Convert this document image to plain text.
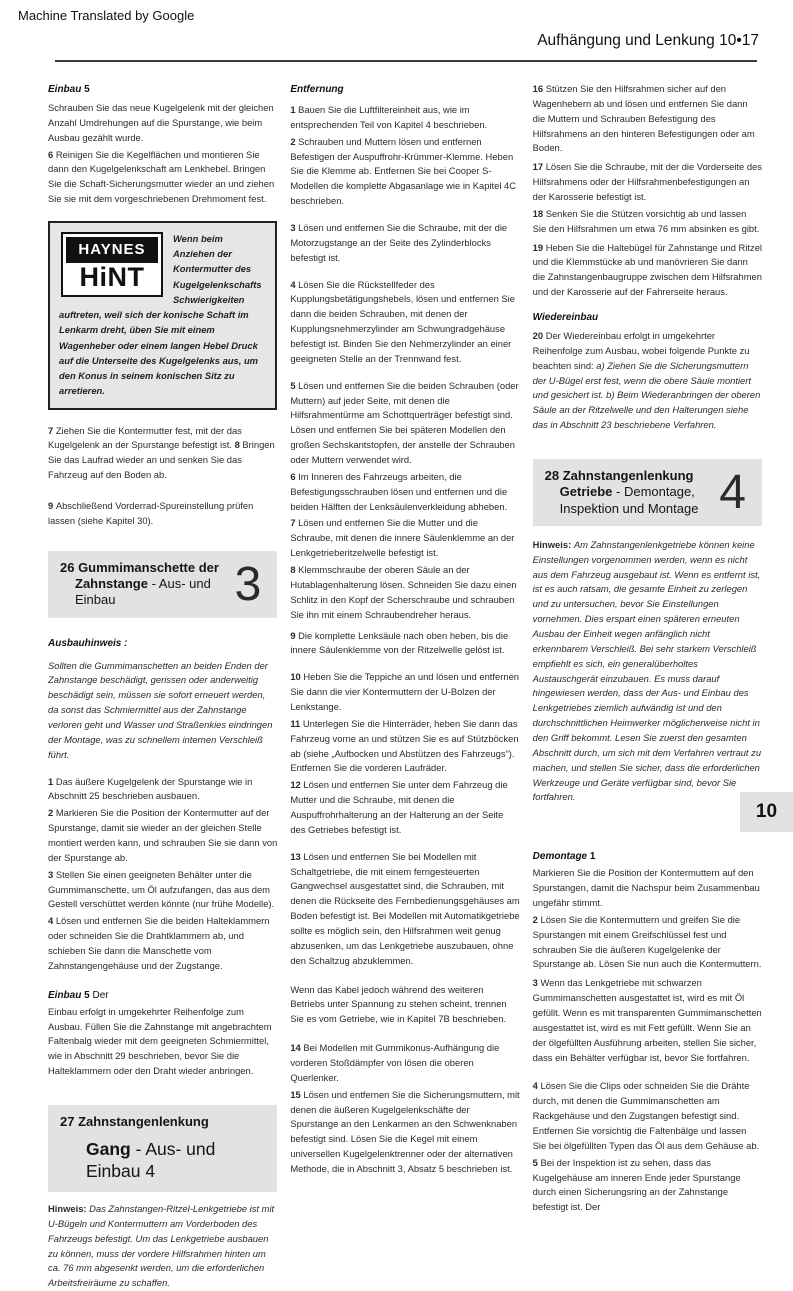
Machine Translated by Google
Aufhängung und Lenkung 10•17
Einbau 5
Schrauben Sie das neue Kugelgelenk mit der gleichen Anzahl Umdrehungen auf die Spurstange, wie beim Ausbau gezählt wurde.
6 Reinigen Sie die Kegelflächen und montieren Sie dann den Kugelgelenkschaft am Lenkhebel. Bringen Sie die Schaft-Sicherungsmutter wieder an und ziehen Sie sie mit dem vorgeschriebenen Drehmoment fest.
HAYNES
HiNT
Wenn beim Anziehen der Kontermutter des Kugelgelenkschafts Schwierigkeiten auftreten, weil sich der konische Schaft im Lenkarm dreht, üben Sie mit einem Wagenheber oder einem langen Hebel Druck auf die Unterseite des Kugelgelenks aus, um den Konus in seinem konischen Sitz zu arretieren.
7 Ziehen Sie die Kontermutter fest, mit der das Kugelgelenk an der Spurstange befestigt ist. 8 Bringen Sie das Laufrad wieder an und senken Sie das Fahrzeug auf den Boden ab.
9 Abschließend Vorderrad-Spureinstellung prüfen lassen (siehe Kapitel 30).
26 Gummimanschette der
Zahnstange - Aus- und Einbau	3
Ausbauhinweis :
Sollten die Gummimanschetten an beiden Enden der Zahnstange beschädigt, gerissen oder anderweitig beschädigt sein, müssen sie sofort erneuert werden, da sonst das Schmiermittel aus der Zahnstange verloren geht und Wasser und Straßenkies eindringen der Montage, was zu schnellem internen Verschleiß führt.
1 Das äußere Kugelgelenk der Spurstange wie in Abschnitt 25 beschrieben ausbauen.
2 Markieren Sie die Position der Kontermutter auf der Spurstange, damit sie wieder an der gleichen Stelle montiert werden kann, und schrauben Sie sie dann von der Spurstange ab.
3 Stellen Sie einen geeigneten Behälter unter die Gummimanschette, um Öl aufzufangen, das aus dem Gestell verschüttet werden könnte (nur frühe Modelle).
4 Lösen und entfernen Sie die beiden Halteklammern oder schneiden Sie die Drahtklammern ab, und schieben Sie dann die Manschette vom Zahnstangengehäuse und der Zugstange.
Einbau 5 Der
Einbau erfolgt in umgekehrter Reihenfolge zum Ausbau. Füllen Sie die Zahnstange mit angebrachtem Faltenbalg wieder mit dem geeigneten Schmiermittel, wie in Abschnitt 29 beschrieben, bevor Sie die Halteklammern oder den Draht wieder anbringen.
27 Zahnstangenlenkung
Gang - Aus- und Einbau 4
Hinweis: Das Zahnstangen-Ritzel-Lenkgetriebe ist mit U-Bügeln und Kontermuttern am Vorderboden des Fahrzeugs befestigt. Um das Lenkgetriebe ausbauen zu können, muss der vordere Hilfsrahmen hinten um ca. 76 mm abgesenkt werden, um die erforderlichen Arbeitsfreiräume zu schaffen.
Entfernung
1 Bauen Sie die Luftfiltereinheit aus, wie im entsprechenden Teil von Kapitel 4 beschrieben.
2 Schrauben und Muttern lösen und entfernen Befestigen der Auspuffrohr-Krümmer-Klemme. Heben Sie die Klemme ab. Entfernen Sie bei Cooper S-Modellen die komplette Abgasanlage wie in Kapitel 4C beschrieben.
3 Lösen und entfernen Sie die Schraube, mit der die Motorzugstange an der Seite des Zylinderblocks befestigt ist.
4 Lösen Sie die Rückstellfeder des Kupplungsbetätigungshebels, lösen und entfernen Sie dann die beiden Schrauben, mit denen der Kupplungsnehmerzylinder am Schwungradgehäuse befestigt ist. Binden Sie den Nehmerzylinder an einer geeigneten Stelle an der Trennwand fest.
5 Lösen und entfernen Sie die beiden Schrauben (oder Muttern) auf jeder Seite, mit denen die Hilfsrahmentürme am Schottquerträger befestigt sind. Lösen und entfernen Sie bei späteren Modellen den großen Sechskantstopfen, der anstelle der Schrauben oder Muttern verwendet wird.
6 Im Inneren des Fahrzeugs arbeiten, die Befestigungsschrauben lösen und entfernen und die beiden Hälften der Lenksäulenverkleidung abheben.
7 Lösen und entfernen Sie die Mutter und die Schraube, mit denen die innere Säulenklemme an der Lenkgetrieberitzelwelle befestigt ist.
8 Klemmschraube der oberen Säule an der Hutablagenhalterung lösen. Schneiden Sie dazu einen Schlitz in den Kopf der Scherschraube und schrauben Sie ihn mit einem Schraubendreher heraus.
9 Die komplette Lenksäule nach oben heben, bis die innere Säulenklemme von der Ritzelwelle gelöst ist.
10 Heben Sie die Teppiche an und lösen und entfernen Sie dann die vier Kontermuttern der U-Bolzen der Lenkstange.
11 Unterlegen Sie die Hinterräder, heben Sie dann das Fahrzeug vorne an und stützen Sie es auf Stützböcken ab (siehe „Aufbocken und Abstützen des Fahrzeugs“). Entfernen Sie die vorderen Laufräder.
12 Lösen und entfernen Sie unter dem Fahrzeug die Mutter und die Schraube, mit denen die Auspuffrohrhalterung an der Halterung an der Seite des Getriebes befestigt ist.
13 Lösen und entfernen Sie bei Modellen mit Schaltgetriebe, die mit einem ferngesteuerten Gangwechsel ausgestattet sind, die Schrauben, mit denen die Rückseite des Fernbedienungsgehäuses am Boden befestigt ist. Bei Modellen mit Automatikgetriebe sollte es möglich sein, den Hilfsrahmen weit genug abzusenken, um das Lenkgetriebe auszubauen, ohne den Schaltzug abzuklemmen.
Wenn das Kabel jedoch während des weiteren Betriebs unter Spannung zu stehen scheint, trennen Sie es vom Getriebe, wie in Kapitel 7B beschrieben.
14 Bei Modellen mit Gummikonus-Aufhängung die vorderen Stoßdämpfer von lösen die oberen Querlenker.
15 Lösen und entfernen Sie die Sicherungsmuttern, mit denen die äußeren Kugelgelenkschäfte der Spurstange an den Lenkarmen an den Schwenknaben befestigt sind. Lösen Sie die Kegel mit einem universellen Kugelgelenktrenner oder der alternativen Methode, die in Abschnitt 3, Absatz 5 beschrieben ist.
16 Stützen Sie den Hilfsrahmen sicher auf den Wagenhebern ab und lösen und entfernen Sie dann die Muttern und Schrauben Befestigung des Hilfsrahmens an den hinteren Befestigungen oder am Boden.
17 Lösen Sie die Schraube, mit der die Vorderseite des Hilfsrahmens oder der Hilfsrahmenbefestigungen an der Karosserie befestigt ist.
18 Senken Sie die Stützen vorsichtig ab und lassen Sie den Hilfsrahmen um etwa 76 mm absinken es gibt.
19 Heben Sie die Haltebügel für Zahnstange und Ritzel und die Klemmstücke ab und manövrieren Sie dann die Zahnstangenbaugruppe zwischen dem Hilfsrahmen und der Karosserie auf der Fahrerseite heraus.
Wiedereinbau
20 Der Wiedereinbau erfolgt in umgekehrter Reihenfolge zum Ausbau, wobei folgende Punkte zu beachten sind: a) Ziehen Sie die Sicherungsmuttern der U-Bügel erst fest, wenn die obere Säule montiert und gesichert ist. b) Beim Wiederanbringen der oberen Säule an der Ritzelwelle und den Halterungen siehe das in Abschnitt 23 beschriebene Verfahren.
28 Zahnstangenlenkung
Getriebe - Demontage,
Inspektion und Montage 4
Hinweis: Am Zahnstangenlenkgetriebe können keine Einstellungen vorgenommen werden, wenn es nicht aus dem Fahrzeug ausgebaut ist. Wenn es entfernt ist, ist es auch ratsam, die gesamte Einheit zu zerlegen und zu untersuchen, bevor Sie Einstellungen vornehmen. Dies erspart einen späteren erneuten Ausbau der Einheit wegen anfänglich nicht erkennbarem Verschleiß. Bei sehr starkem Verschleiß empfiehlt es sich, ein generalüberholtes Austauschgerät einzubauen. Es muss darauf hingewiesen werden, dass der Aus- und Einbau des Lenkgetriebes ziemlich aufwändig ist und den durchschnittlichen Heimwerker möglicherweise nicht in den Griff bekommt. Lesen Sie zuerst den gesamten Abschnitt durch, um sich mit dem Verfahren vertraut zu machen, und stellen Sie sicher, dass die erforderlichen Werkzeuge und Geräte verfügbar sind, bevor Sie fortfahren.
Demontage 1
Markieren Sie die Position der Kontermuttern auf den Spurstangen, damit die Nachspur beim Zusammenbau ungefähr stimmt.
2 Lösen Sie die Kontermuttern und greifen Sie die Spurstangen mit einem Greifschlüssel fest und schrauben Sie die äußeren Kugelgelenke der Spurstange ab. Lösen Sie nun auch die Kontermuttern.
3 Wenn das Lenkgetriebe mit schwarzen Gummimanschetten ausgestattet ist, wird es mit Öl gefüllt. Wenn es mit transparenten Gummimanschetten ausgestattet ist, wird es mit Fett gefüllt. Wenn Sie an der ölgefüllten Ausführung arbeiten, stellen Sie sicher, dass ein Behälter verfügbar ist, bevor Sie fortfahren.
4 Lösen Sie die Clips oder schneiden Sie die Drähte durch, mit denen die Gummimanschetten am Rackgehäuse und den Zugstangen befestigt sind. Entfernen Sie vorsichtig die Faltenbälge und lassen Sie bei ölgefüllten Typen das Öl aus dem Gehäuse ab.
5 Bei der Inspektion ist zu sehen, dass das Kugelgehäuse am inneren Ende jeder Spurstange durch einen Sicherungsring an der Zahnstange befestigt ist. Der
10
